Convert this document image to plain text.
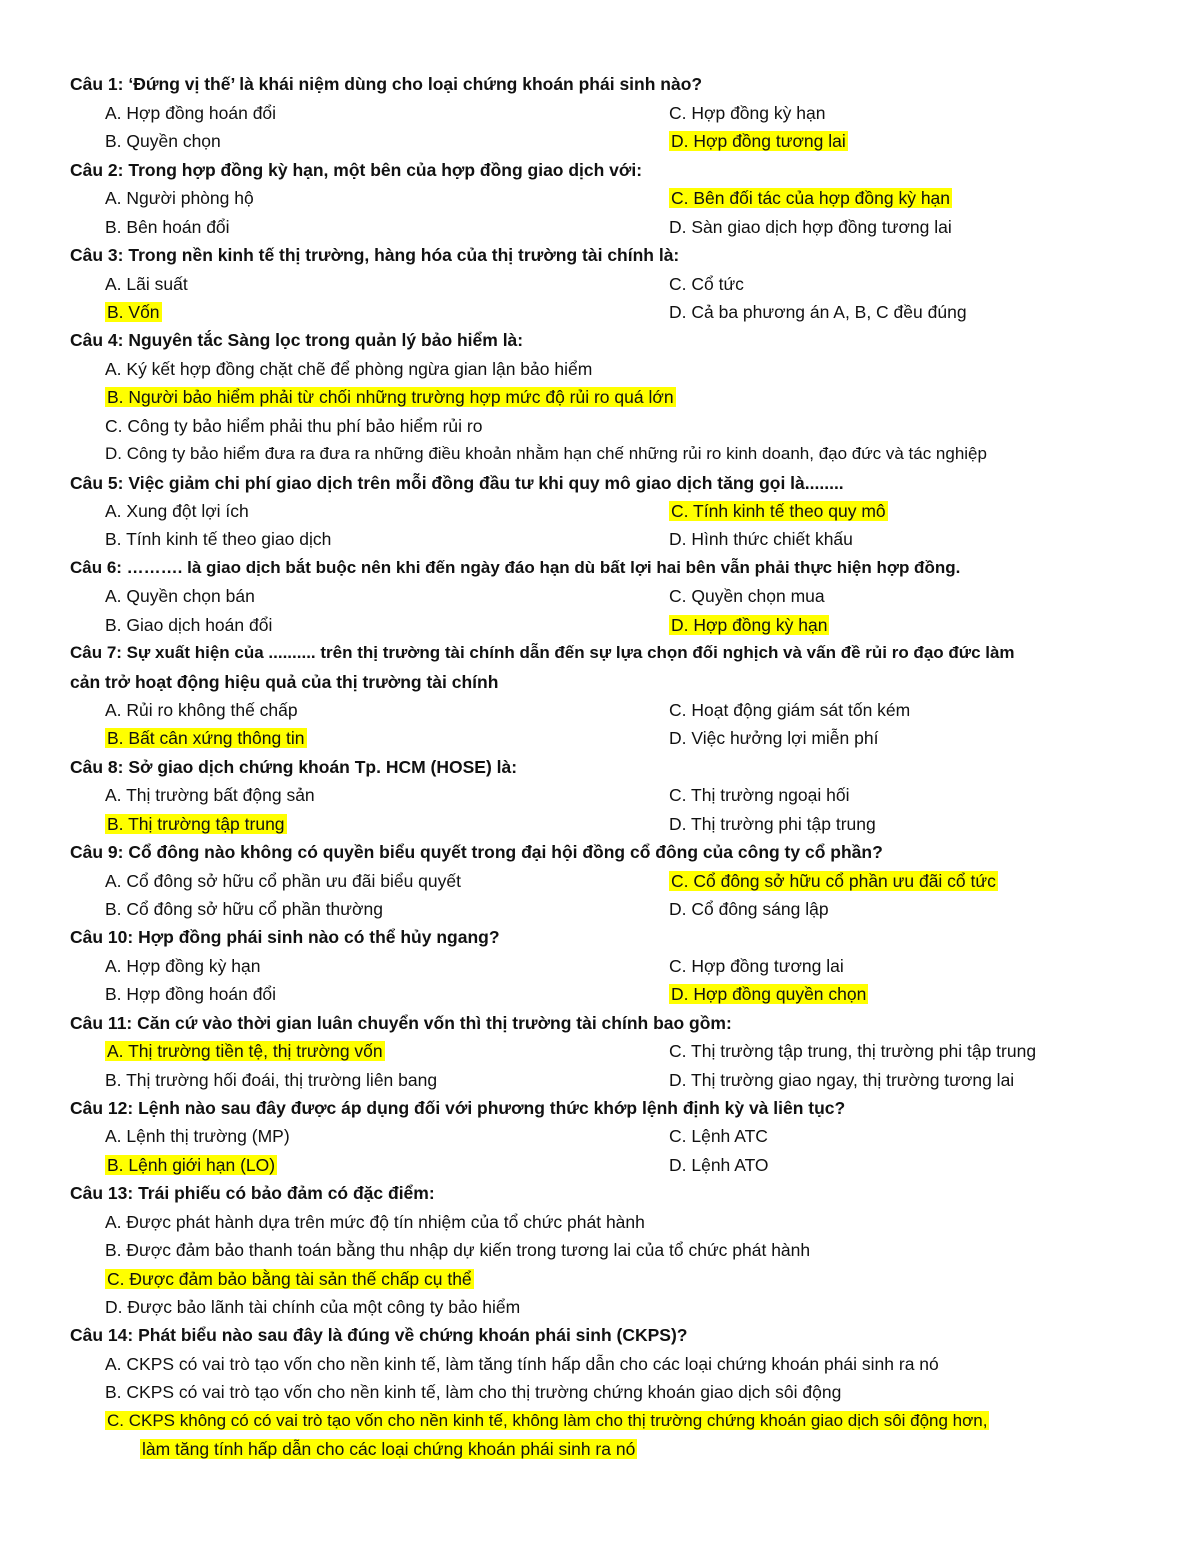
Câu 1: ‘Đứng vị thế’ là khái niệm dùng cho loại chứng khoán phái sinh nào?
A. Hợp đồng hoán đổi	C. Hợp đồng kỳ hạn
B. Quyền chọn	D. Hợp đồng tương lai
Câu 2: Trong hợp đồng kỳ hạn, một bên của hợp đồng giao dịch với:
A. Người phòng hộ	C. Bên đối tác của hợp đồng kỳ hạn
B. Bên hoán đổi	D. Sàn giao dịch hợp đồng tương lai
Câu 3: Trong nền kinh tế thị trường, hàng hóa của thị trường tài chính là:
A. Lãi suất	C. Cổ tức
B. Vốn	D. Cả ba phương án A, B, C đều đúng
Câu 4: Nguyên tắc Sàng lọc trong quản lý bảo hiểm là:
A. Ký kết hợp đồng chặt chẽ để phòng ngừa gian lận bảo hiểm
B. Người bảo hiểm phải từ chối những trường hợp mức độ rủi ro quá lớn
C. Công ty bảo hiểm phải thu phí bảo hiểm rủi ro
D. Công ty bảo hiểm đưa ra đưa ra những điều khoản nhằm hạn chế những rủi ro kinh doanh, đạo đức và tác nghiệp
Câu 5: Việc giảm chi phí giao dịch trên mỗi đồng đầu tư khi quy mô giao dịch tăng gọi là........
A. Xung đột lợi ích	C. Tính kinh tế theo quy mô
B. Tính kinh tế theo giao dịch	D. Hình thức chiết khấu
Câu 6: ………. là giao dịch bắt buộc nên khi đến ngày đáo hạn dù bất lợi hai bên vẫn phải thực hiện hợp đồng.
A. Quyền chọn bán	C. Quyền chọn mua
B. Giao dịch hoán đổi	D. Hợp đồng kỳ hạn
Câu 7: Sự xuất hiện của .......... trên thị trường tài chính dẫn đến sự lựa chọn đối nghịch và vấn đề rủi ro đạo đức làm
cản trở hoạt động hiệu quả của thị trường tài chính
A. Rủi ro không thế chấp	C. Hoạt động giám sát tốn kém
B. Bất cân xứng thông tin	D. Việc hưởng lợi miễn phí
Câu 8: Sở giao dịch chứng khoán Tp. HCM (HOSE) là:
A. Thị trường bất động sản	C. Thị trường ngoại hối
B. Thị trường tập trung	D. Thị trường phi tập trung
Câu 9: Cổ đông nào không có quyền biểu quyết trong đại hội đồng cổ đông của công ty cổ phần?
A. Cổ đông sở hữu cổ phần ưu đãi biểu quyết	C. Cổ đông sở hữu cổ phần ưu đãi cổ tức
B. Cổ đông sở hữu cổ phần thường	D. Cổ đông sáng lập
Câu 10: Hợp đồng phái sinh nào có thể hủy ngang?
A. Hợp đồng kỳ hạn	C. Hợp đồng tương lai
B. Hợp đồng hoán đổi	D. Hợp đồng quyền chọn
Câu 11: Căn cứ vào thời gian luân chuyển vốn thì thị trường tài chính bao gồm:
A. Thị trường tiền tệ, thị trường vốn	C. Thị trường tập trung, thị trường phi tập trung
B. Thị trường hối đoái, thị trường liên bang	D. Thị trường giao ngay, thị trường tương lai
Câu 12: Lệnh nào sau đây được áp dụng đối với phương thức khớp lệnh định kỳ và liên tục?
A. Lệnh thị trường (MP)	C. Lệnh ATC
B. Lệnh giới hạn (LO)	D. Lệnh ATO
Câu 13: Trái phiếu có bảo đảm có đặc điểm:
A. Được phát hành dựa trên mức độ tín nhiệm của tổ chức phát hành
B. Được đảm bảo thanh toán bằng thu nhập dự kiến trong tương lai của tổ chức phát hành
C. Được đảm bảo bằng tài sản thế chấp cụ thể
D. Được bảo lãnh tài chính của một công ty bảo hiểm
Câu 14: Phát biểu nào sau đây là đúng về chứng khoán phái sinh (CKPS)?
A. CKPS có vai trò tạo vốn cho nền kinh tế, làm tăng tính hấp dẫn cho các loại chứng khoán phái sinh ra nó
B. CKPS có vai trò tạo vốn cho nền kinh tế, làm cho thị trường chứng khoán giao dịch sôi động
C. CKPS không có có vai trò tạo vốn cho nền kinh tế, không làm cho thị trường chứng khoán giao dịch sôi động hơn,
làm tăng tính hấp dẫn cho các loại chứng khoán phái sinh ra nó
